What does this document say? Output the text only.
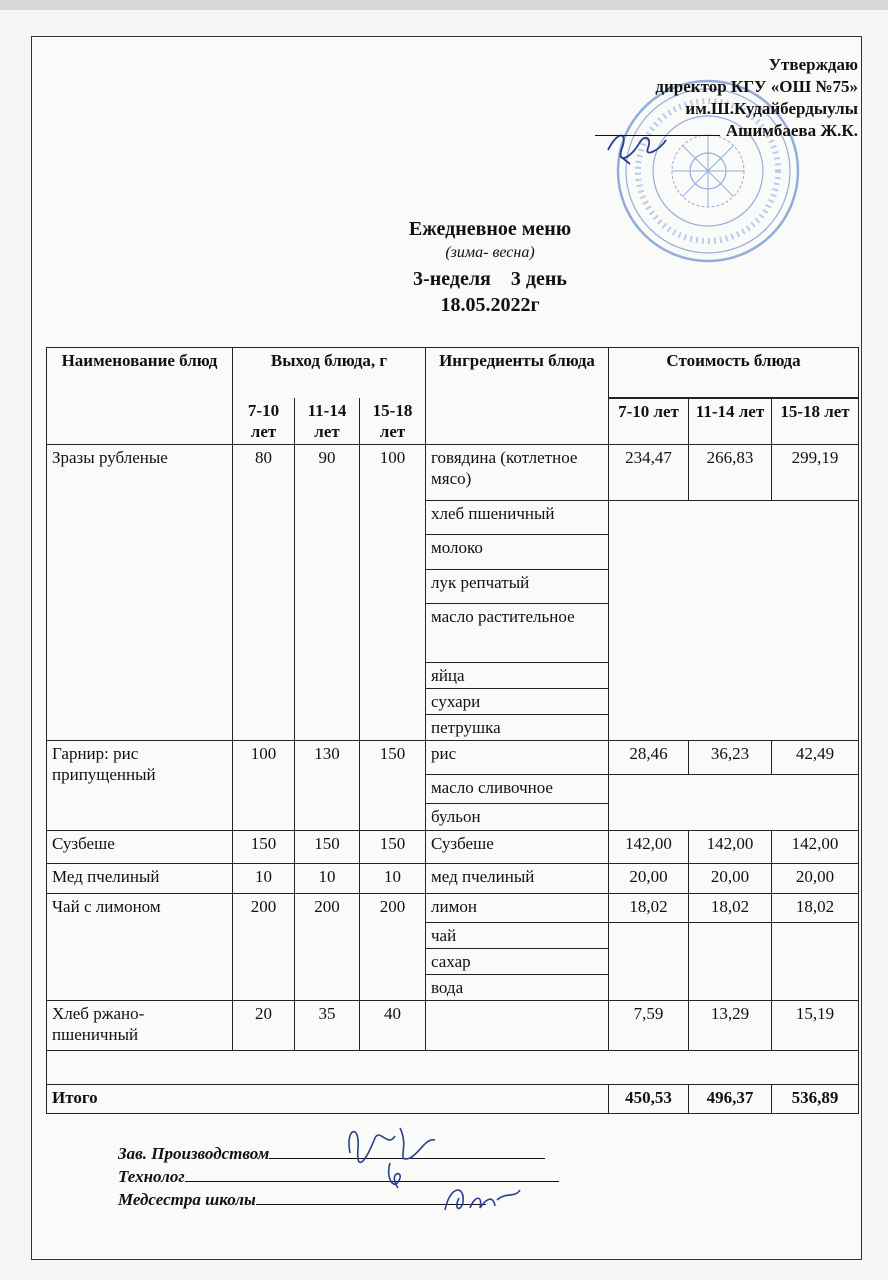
Утверждаю
директор КГУ «ОШ №75»
им.Ш.Кудайбердыулы
Ашимбаева Ж.К.
Ежедневное меню
(зима- весна)
3-неделя    3 день
18.05.2022г
Наименование блюд	Выход блюда, г			Ингредиенты блюда	Стоимость блюда		
	7-10 лет	11-14 лет	15-18 лет				
					7-10 лет	11-14 лет	15-18 лет
Зразы рубленые	80	90	100	говядина (котлетное мясо)	234,47	266,83	299,19
				хлеб пшеничный			
				молоко			
				лук репчатый			
				масло растительное			
				яйца			
				сухари			
				петрушка			
Гарнир: рис припущенный	100	130	150	рис	28,46	36,23	42,49
				масло сливочное			
				бульон			
Сузбеше	150	150	150	Сузбеше	142,00	142,00	142,00
Мед пчелиный	10	10	10	мед пчелиный	20,00	20,00	20,00
Чай с лимоном	200	200	200	лимон	18,02	18,02	18,02
				чай			
				сахар			
				вода			
Хлеб ржано-пшеничный	20	35	40		7,59	13,29	15,19

Итого					450,53	496,37	536,89
Зав. Производством
Технолог
Медсестра школы
